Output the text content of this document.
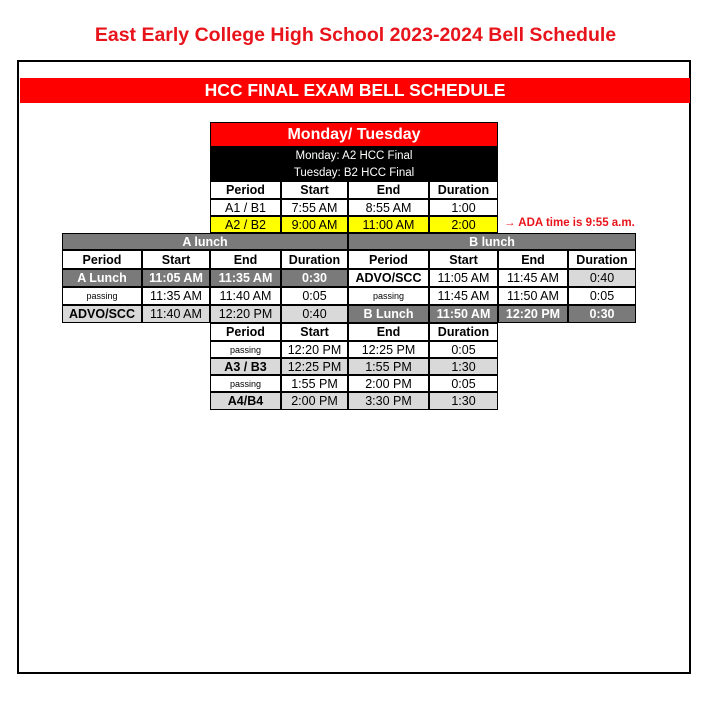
East Early College High School 2023-2024 Bell Schedule
HCC FINAL EXAM BELL SCHEDULE
Monday/ Tuesday
Monday: A2 HCC Final
Tuesday: B2 HCC Final
Period	Start	End	Duration
A1 / B1	7:55 AM	8:55 AM	1:00
A2 / B2	9:00 AM	11:00 AM	2:00	→ ADA time is 9:55 a.m.
A lunch	B lunch
Period	Start	End	Duration	Period	Start	End	Duration
A Lunch	11:05 AM	11:35 AM	0:30	ADVO/SCC	11:05 AM	11:45 AM	0:40
passing	11:35 AM	11:40 AM	0:05	passing	11:45 AM	11:50 AM	0:05
ADVO/SCC	11:40 AM	12:20 PM	0:40	B Lunch	11:50 AM	12:20 PM	0:30
Period	Start	End	Duration
passing	12:20 PM	12:25 PM	0:05
A3 / B3	12:25 PM	1:55 PM	1:30
passing	1:55 PM	2:00 PM	0:05
A4/B4	2:00 PM	3:30 PM	1:30
